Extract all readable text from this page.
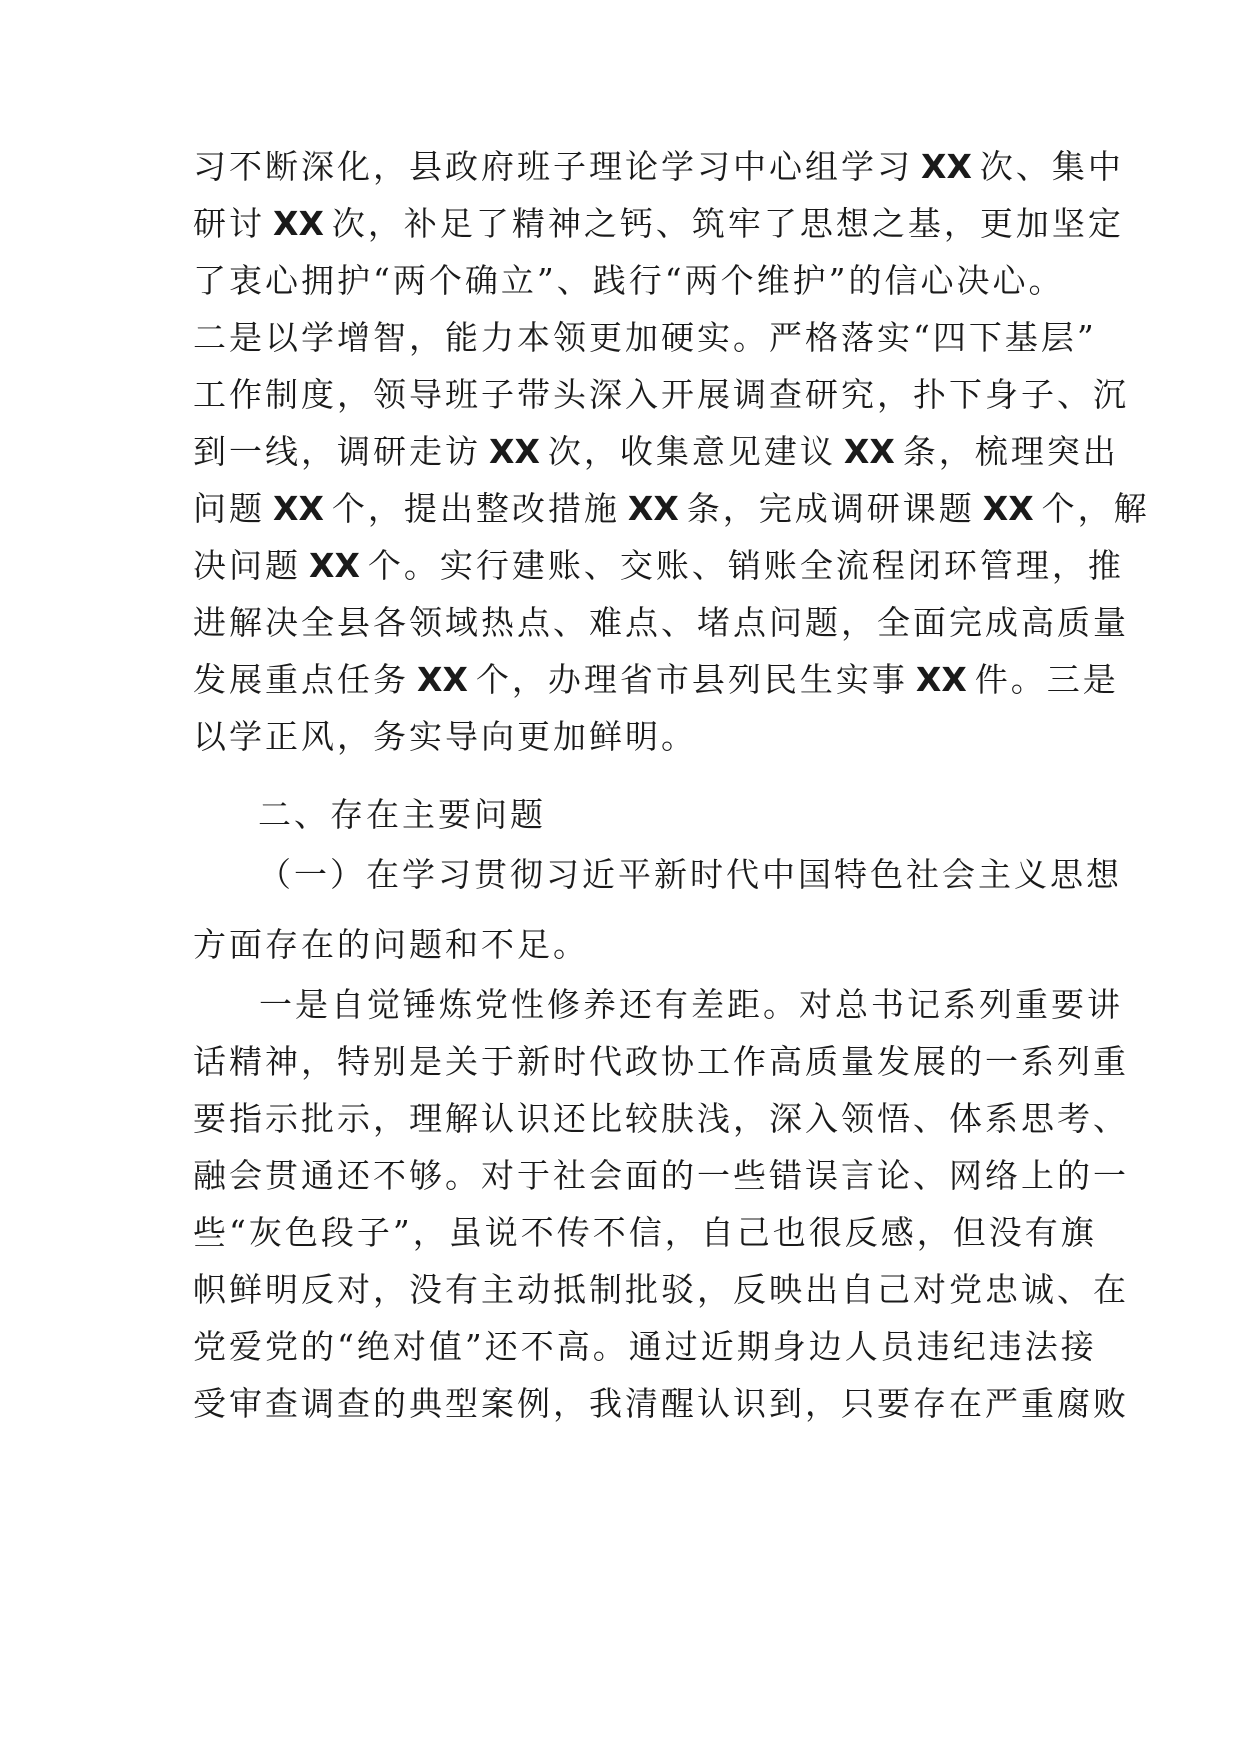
习不断深化，县政府班子理论学习中心组学习 XX 次、集中
研讨 XX 次，补足了精神之钙、筑牢了思想之基，更加坚定
了衷心拥护“两个确立”、践行“两个维护”的信心决心。
二是以学增智，能力本领更加硬实。严格落实“四下基层”
工作制度，领导班子带头深入开展调查研究，扑下身子、沉
到一线，调研走访 XX 次，收集意见建议 XX 条，梳理突出
问题 XX 个，提出整改措施 XX 条，完成调研课题 XX 个，解
决问题 XX 个。实行建账、交账、销账全流程闭环管理，推
进解决全县各领域热点、难点、堵点问题，全面完成高质量
发展重点任务 XX 个，办理省市县列民生实事 XX 件。三是
以学正风，务实导向更加鲜明。
二、存在主要问题
（一）在学习贯彻习近平新时代中国特色社会主义思想
方面存在的问题和不足。
一是自觉锤炼党性修养还有差距。对总书记系列重要讲
话精神，特别是关于新时代政协工作高质量发展的一系列重
要指示批示，理解认识还比较肤浅，深入领悟、体系思考、
融会贯通还不够。对于社会面的一些错误言论、网络上的一
些“灰色段子”，虽说不传不信，自己也很反感，但没有旗
帜鲜明反对，没有主动抵制批驳，反映出自己对党忠诚、在
党爱党的“绝对值”还不高。通过近期身边人员违纪违法接
受审查调查的典型案例，我清醒认识到，只要存在严重腐败
